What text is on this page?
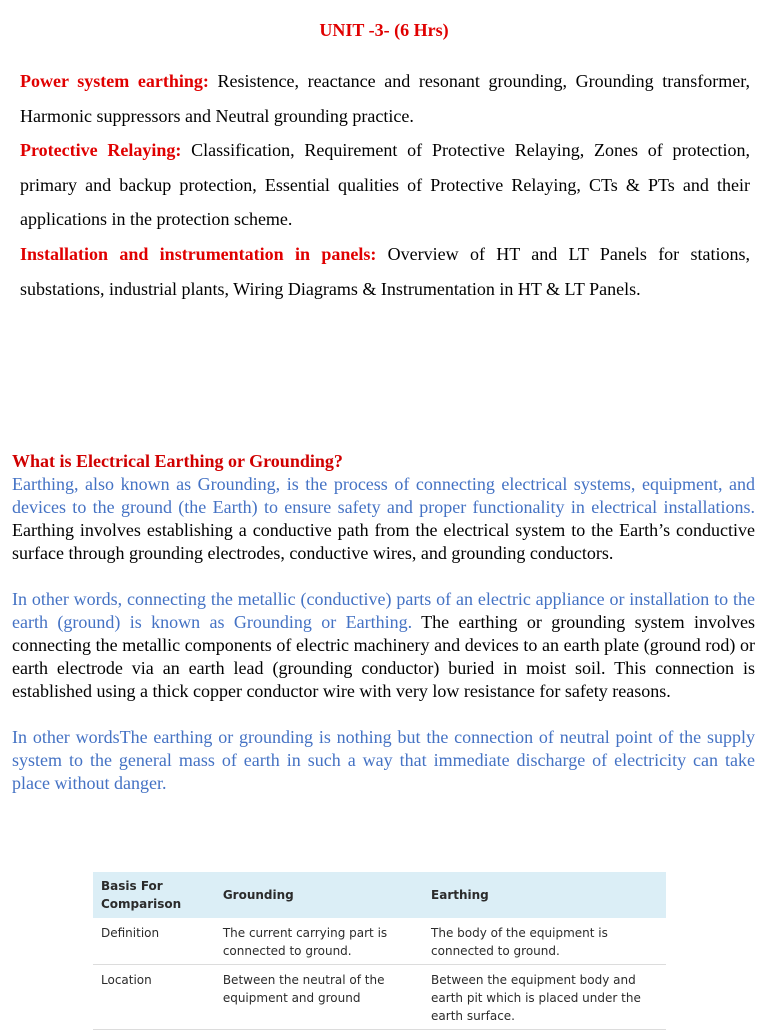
UNIT -3- (6 Hrs)

Power system earthing: Resistence, reactance and resonant grounding, Grounding transformer, Harmonic suppressors and Neutral grounding practice.

Protective Relaying: Classification, Requirement of Protective Relaying, Zones of protection, primary and backup protection, Essential qualities of Protective Relaying, CTs & PTs and their applications in the protection scheme.

Installation and instrumentation in panels: Overview of HT and LT Panels for stations, substations, industrial plants, Wiring Diagrams & Instrumentation in HT & LT Panels.

What is Electrical Earthing or Grounding?

Earthing, also known as Grounding, is the process of connecting electrical systems, equipment, and devices to the ground (the Earth) to ensure safety and proper functionality in electrical installations. Earthing involves establishing a conductive path from the electrical system to the Earth’s conductive surface through grounding electrodes, conductive wires, and grounding conductors.

In other words, connecting the metallic (conductive) parts of an electric appliance or installation to the earth (ground) is known as Grounding or Earthing. The earthing or grounding system involves connecting the metallic components of electric machinery and devices to an earth plate (ground rod) or earth electrode via an earth lead (grounding conductor) buried in moist soil. This connection is established using a thick copper conductor wire with very low resistance for safety reasons.

In other wordsThe earthing or grounding is nothing but the connection of neutral point of the supply system to the general mass of earth in such a way that immediate discharge of electricity can take place without danger.

Basis For Comparison	Grounding	Earthing
Definition	The current carrying part is connected to ground.	The body of the equipment is connected to ground.
Location	Between the neutral of the equipment and ground	Between the equipment body and earth pit which is placed under the earth surface.
